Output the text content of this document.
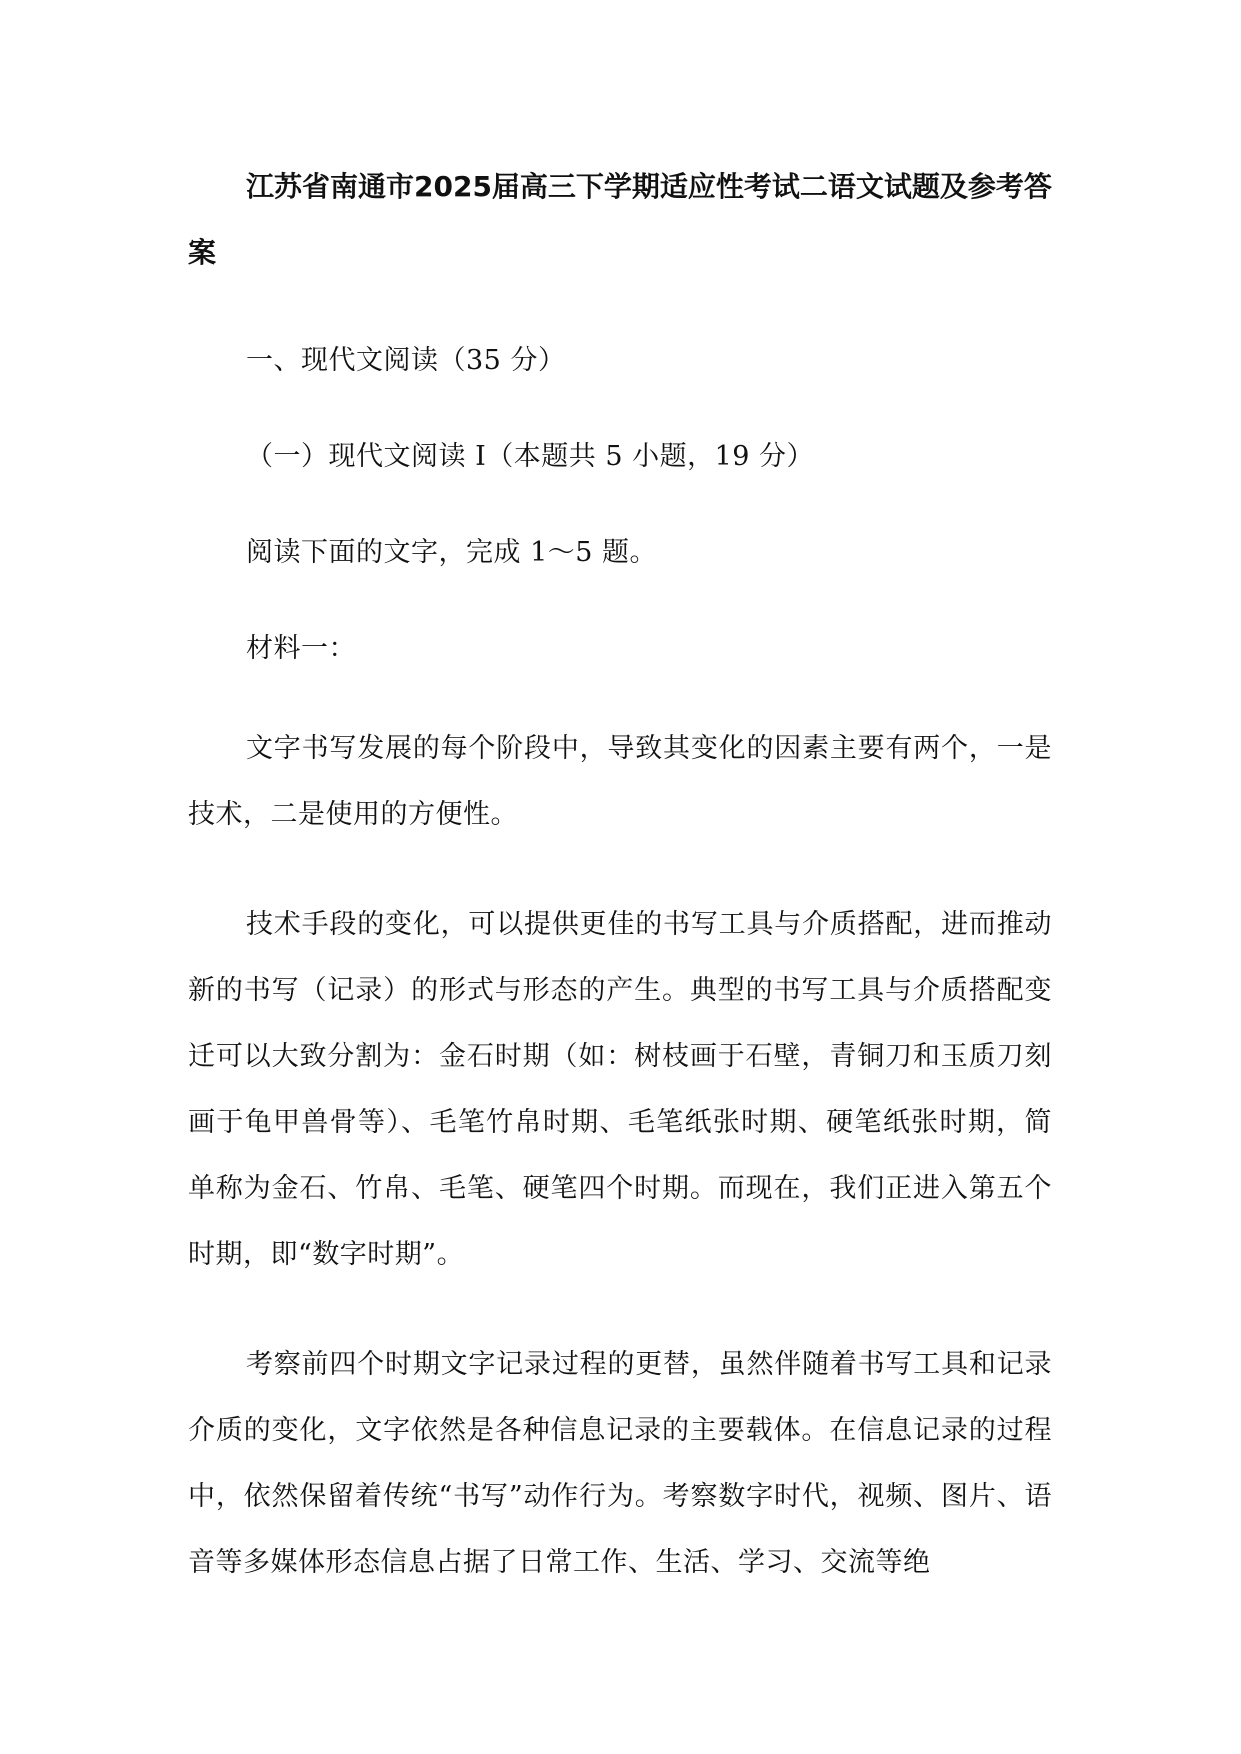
江苏省南通市2025届高三下学期适应性考试二语文试题及参考答案

一、现代文阅读（35 分）

（一）现代文阅读 I（本题共 5 小题，19 分）

阅读下面的文字，完成 1～5 题。

材料一：

文字书写发展的每个阶段中，导致其变化的因素主要有两个，一是技术，二是使用的方便性。

技术手段的变化，可以提供更佳的书写工具与介质搭配，进而推动新的书写（记录）的形式与形态的产生。典型的书写工具与介质搭配变迁可以大致分割为：金石时期（如：树枝画于石壁，青铜刀和玉质刀刻画于龟甲兽骨等）、毛笔竹帛时期、毛笔纸张时期、硬笔纸张时期，简单称为金石、竹帛、毛笔、硬笔四个时期。而现在，我们正进入第五个时期，即“数字时期”。

考察前四个时期文字记录过程的更替，虽然伴随着书写工具和记录介质的变化，文字依然是各种信息记录的主要载体。在信息记录的过程中，依然保留着传统“书写”动作行为。考察数字时代，视频、图片、语音等多媒体形态信息占据了日常工作、生活、学习、交流等绝
